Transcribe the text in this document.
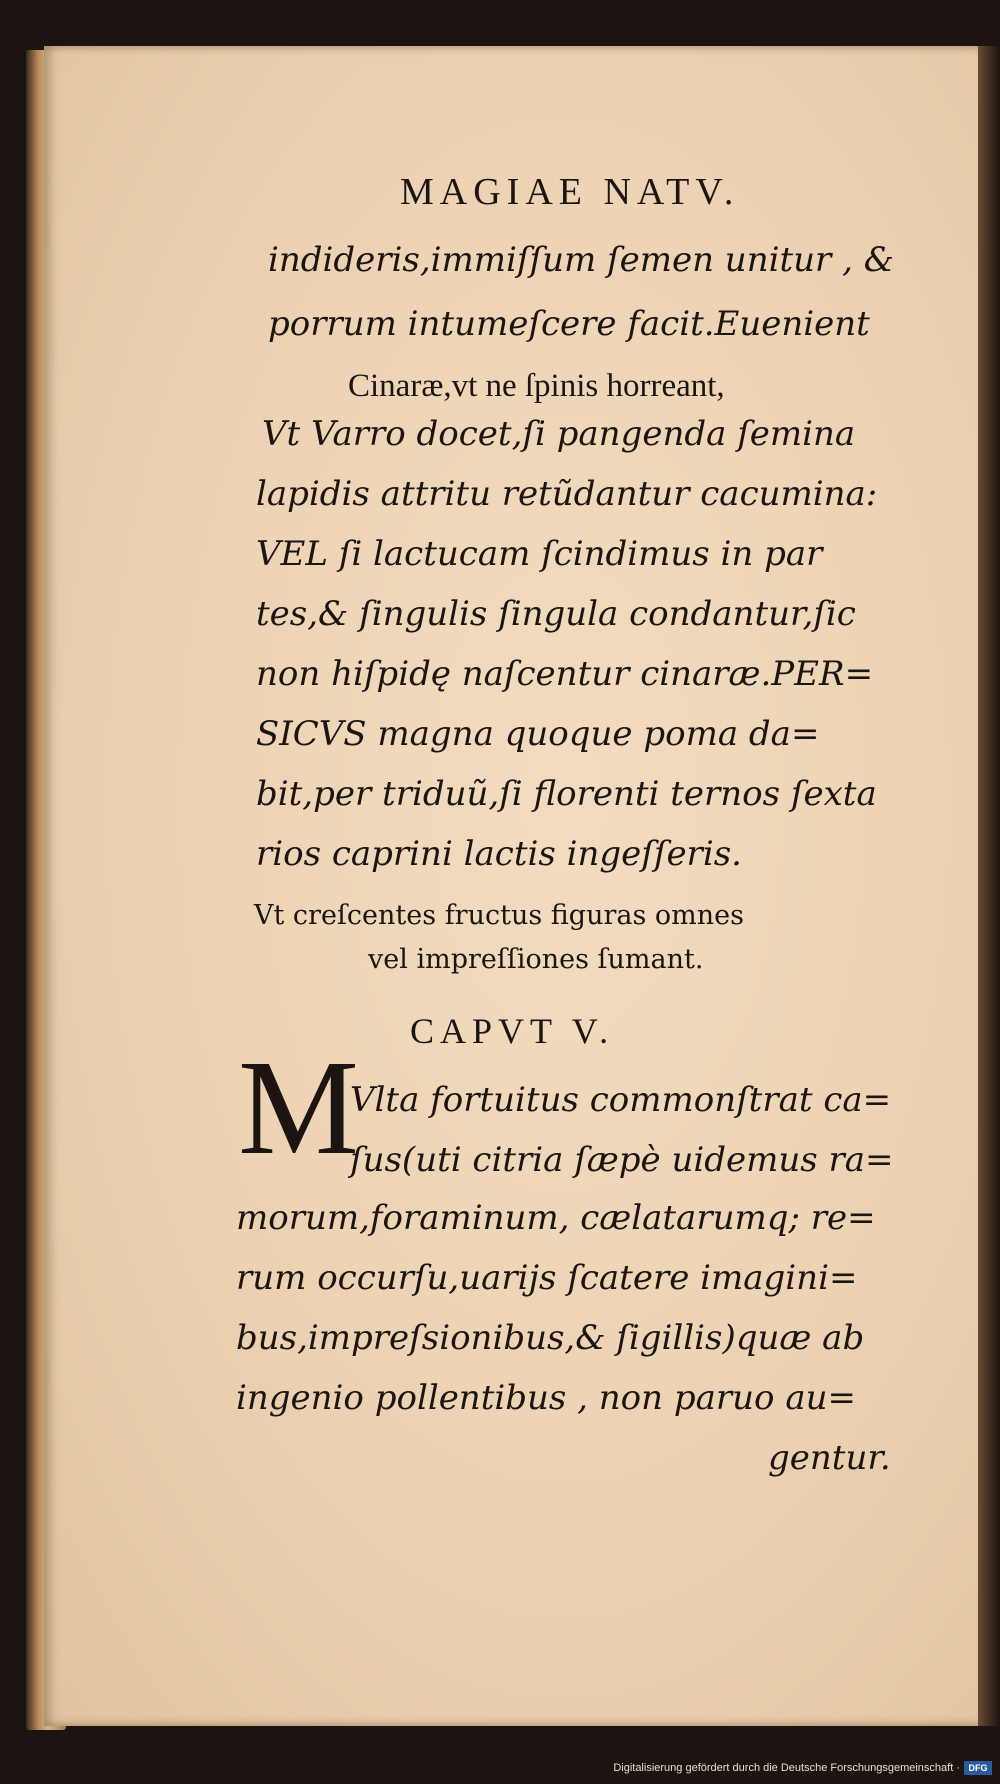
MAGIAE NATV.
indideris,immiſſum ſemen unitur , &
porrum intumeſcere facit.Euenient
Cinaræ,vt ne ſpinis horreant,
Vt Varro docet,ſi pangenda ſemina
lapidis attritu retũdantur cacumina:
VEL ſi lactucam ſcindimus in par
tes,& ſingulis ſingula condantur,ſic
non hiſpidę naſcentur cinaræ.PER=
SICVS magna quoque poma da=
bit,per triduũ,ſi florenti ternos ſexta
rios caprini lactis ingeſſeris.
Vt creſcentes fructus figuras omnes
vel impreſſiones ſumant.
CAPVT V.
M
Vlta fortuitus commonſtrat ca=
ſus(uti citria ſæpè uidemus ra=
morum,foraminum, cælatarumq; re=
rum occurſu,uarijs ſcatere imagini=
bus,impreſsionibus,& ſigillis)quæ ab
ingenio pollentibus , non paruo au=
gentur.
Digitalisierung gefördert durch die Deutsche Forschungsgemeinschaft · DFG
